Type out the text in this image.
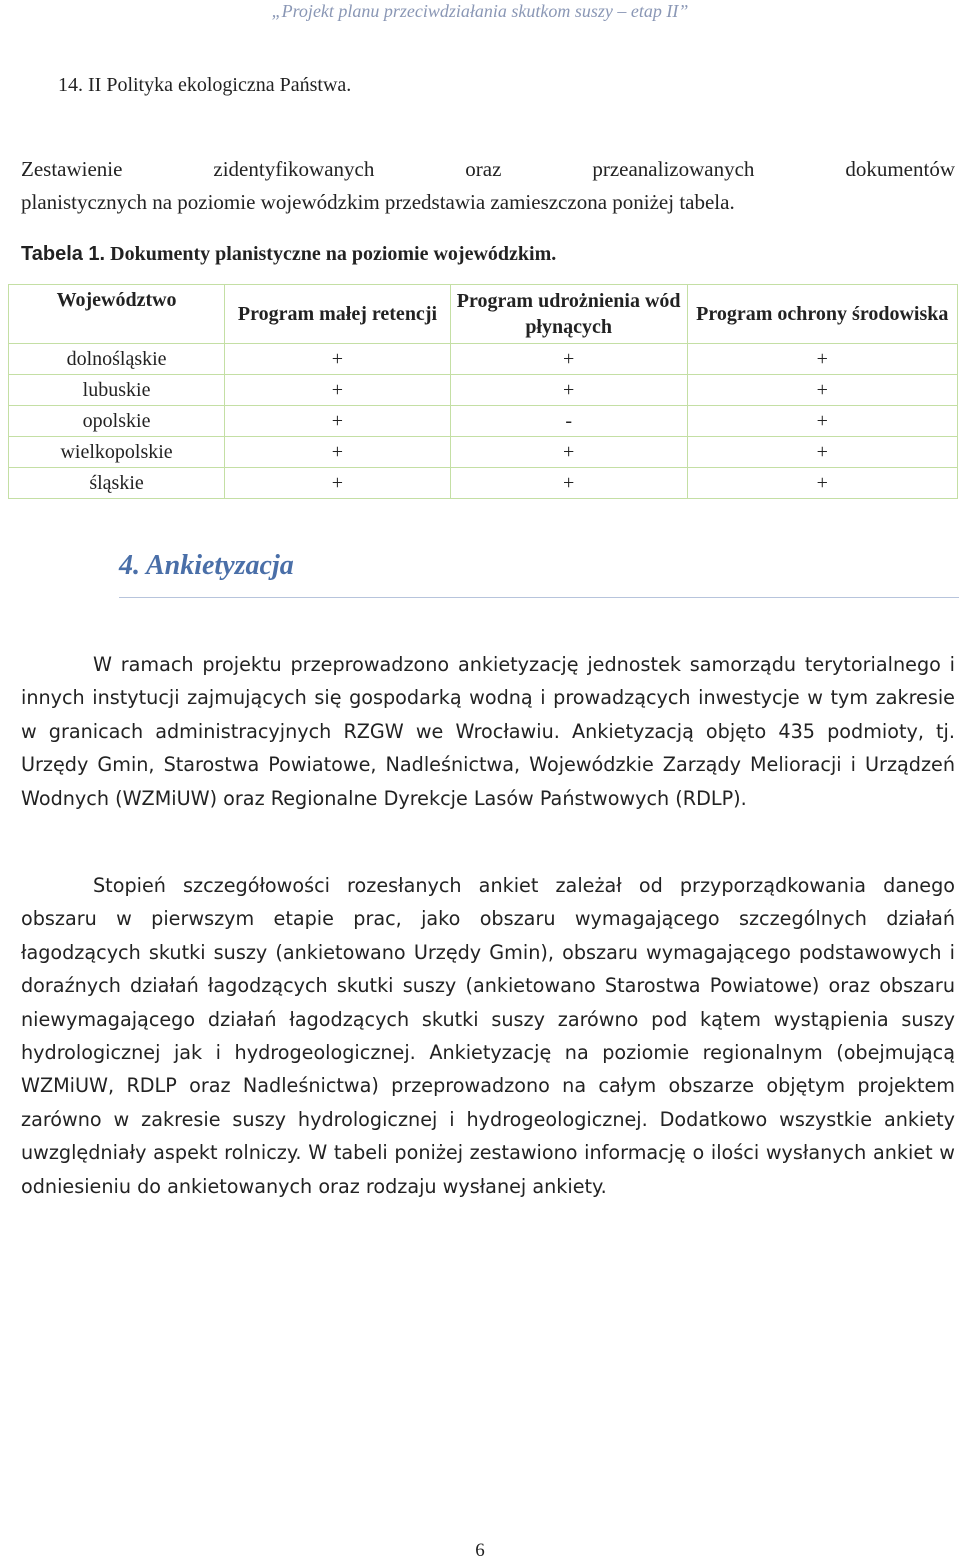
„Projekt planu przeciwdziałania skutkom suszy – etap II”
14. II Polityka ekologiczna Państwa.
Zestawienie zidentyfikowanych oraz przeanalizowanych dokumentów
planistycznych na poziomie wojewódzkim przedstawia zamieszczona poniżej tabela.
Tabela 1. Dokumenty planistyczne na poziomie wojewódzkim.
Województwo	Program małej retencji	Program udrożnienia wód płynących	Program ochrony środowiska
dolnośląskie	+	+	+
lubuskie	+	+	+
opolskie	+	-	+
wielkopolskie	+	+	+
śląskie	+	+	+
4. Ankietyzacja
W ramach projektu przeprowadzono ankietyzację jednostek samorządu terytorialnego i innych instytucji zajmujących się gospodarką wodną i prowadzących inwestycje w tym zakresie w granicach administracyjnych RZGW we Wrocławiu. Ankietyzacją objęto 435 podmioty, tj. Urzędy Gmin, Starostwa Powiatowe, Nadleśnictwa, Wojewódzkie Zarządy Melioracji i Urządzeń Wodnych (WZMiUW) oraz Regionalne Dyrekcje Lasów Państwowych (RDLP).
Stopień szczegółowości rozesłanych ankiet zależał od przyporządkowania danego obszaru w pierwszym etapie prac, jako obszaru wymagającego szczególnych działań łagodzących skutki suszy (ankietowano Urzędy Gmin), obszaru wymagającego podstawowych i doraźnych działań łagodzących skutki suszy (ankietowano Starostwa Powiatowe) oraz obszaru niewymagającego działań łagodzących skutki suszy zarówno pod kątem wystąpienia suszy hydrologicznej jak i hydrogeologicznej. Ankietyzację na poziomie regionalnym (obejmującą WZMiUW, RDLP oraz Nadleśnictwa) przeprowadzono na całym obszarze objętym projektem zarówno w zakresie suszy hydrologicznej i hydrogeologicznej. Dodatkowo wszystkie ankiety uwzględniały aspekt rolniczy. W tabeli poniżej zestawiono informację o ilości wysłanych ankiet w odniesieniu do ankietowanych oraz rodzaju wysłanej ankiety.
6
